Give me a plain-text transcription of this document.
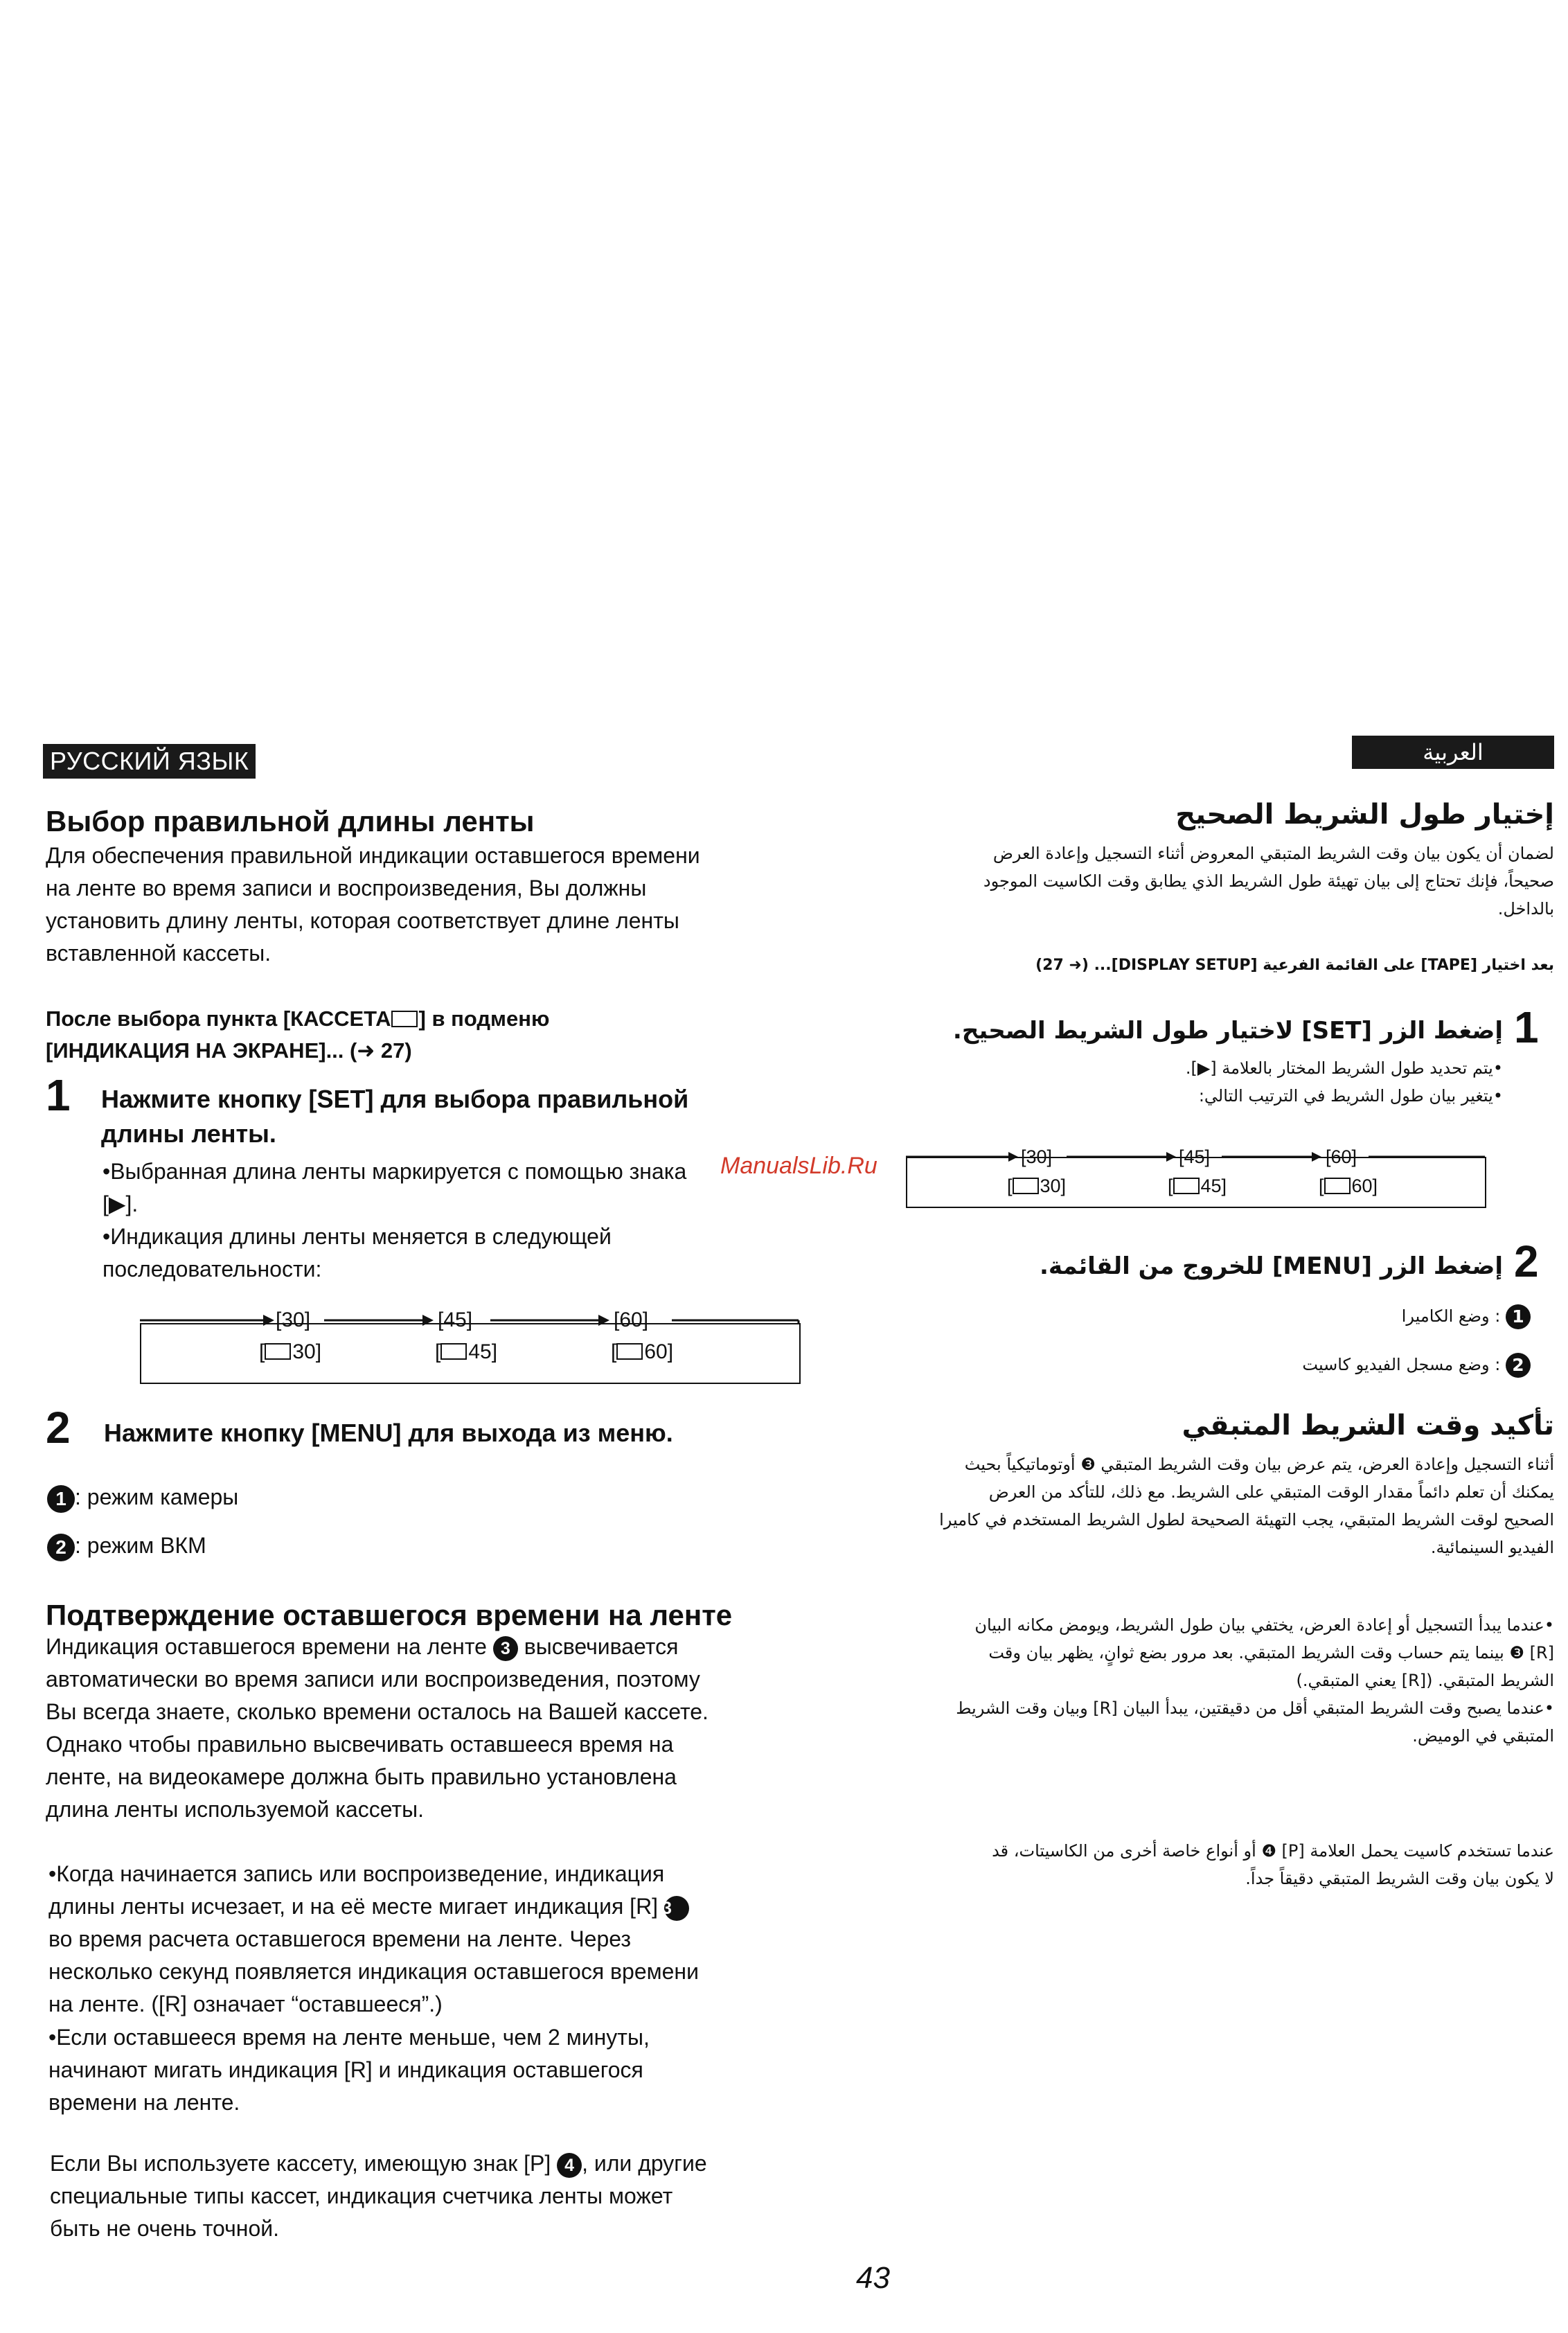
РУССКИЙ ЯЗЫК
Выбор правильной длины ленты
Для обеспечения правильной индикации оставшегося времени
на ленте во время записи и воспроизведения, Вы должны
установить длину ленты, которая соответствует длине ленты
вставленной кассеты.
После выбора пункта [КАССЕТА ] в подменю
[ИНДИКАЦИЯ НА ЭКРАНЕ]... (➜ 27)
1 Нажмите кнопку [SET] для выбора правильной
длины ленты.
•Выбранная длина ленты маркируется с помощью знака
[▶].
•Индикация длины ленты меняется в следующей
последовательности:
ManualsLib.Ru
[30]	[45]	[60]
[ 30]	[ 45]	[ 60]
2 Нажмите кнопку [MENU] для выхода из меню.
1 : режим камеры
2 : режим ВКМ
Подтверждение оставшегося времени на ленте
Индикация оставшегося времени на ленте 3 высвечивается
автоматически во время записи или воспроизведения, поэтому
Вы всегда знаете, сколько времени осталось на Вашей кассете.
Однако чтобы правильно высвечивать оставшееся время на
ленте, на видеокамере должна быть правильно установлена
длина ленты используемой кассеты.
•Когда начинается запись или воспроизведение, индикация
длины ленты исчезает, и на её месте мигает индикация [R] 3
во время расчета оставшегося времени на ленте. Через
несколько секунд появляется индикация оставшегося времени
на ленте. ([R] означает “оставшееся”.)
•Если оставшееся время на ленте меньше, чем 2 минуты,
начинают мигать индикация [R] и индикация оставшегося
времени на ленте.
Если Вы используете кассету, имеющую знак [P] 4 , или другие
специальные типы кассет, индикация счетчика ленты может
быть не очень точной.
العربية
إختيار طول الشريط الصحيح
لضمان أن يكون بيان وقت الشريط المتبقي المعروض أثناء التسجيل وإعادة العرض
صحيحاً، فإنك تحتاج إلى بيان تهيئة طول الشريط الذي يطابق وقت الكاسيت الموجود
بالداخل.
بعد اختيار [TAPE] على القائمة الفرعية [DISPLAY SETUP]... (➜ 27)
1
إضغط الزر [SET] لاختيار طول الشريط الصحيح.
•يتم تحديد طول الشريط المختار بالعلامة [▶].
•يتغير بيان طول الشريط في الترتيب التالي:
[30]	[45]	[60]
[ 30]	[ 45]	[ 60]
2
إضغط الزر [MENU] للخروج من القائمة.
1 : وضع الكاميرا
2 : وضع مسجل الفيديو كاسيت
تأكيد وقت الشريط المتبقي
أثناء التسجيل وإعادة العرض، يتم عرض بيان وقت الشريط المتبقي ❸ أوتوماتيكياً بحيث
يمكنك أن تعلم دائماً مقدار الوقت المتبقي على الشريط. مع ذلك، للتأكد من العرض
الصحيح لوقت الشريط المتبقي، يجب التهيئة الصحيحة لطول الشريط المستخدم في كاميرا
الفيديو السينمائية.
•عندما يبدأ التسجيل أو إعادة العرض، يختفي بيان طول الشريط، ويومض مكانه البيان
[R] ❸ بينما يتم حساب وقت الشريط المتبقي. بعد مرور بضع ثوانٍ، يظهر بيان وقت
الشريط المتبقي. ([R] يعني المتبقي.)
•عندما يصبح وقت الشريط المتبقي أقل من دقيقتين، يبدأ البيان [R] وبيان وقت الشريط
المتبقي في الوميض.
عندما تستخدم كاسيت يحمل العلامة [P] ❹ أو أنواع خاصة أخرى من الكاسيتات، قد
لا يكون بيان وقت الشريط المتبقي دقيقاً جداً.
43
